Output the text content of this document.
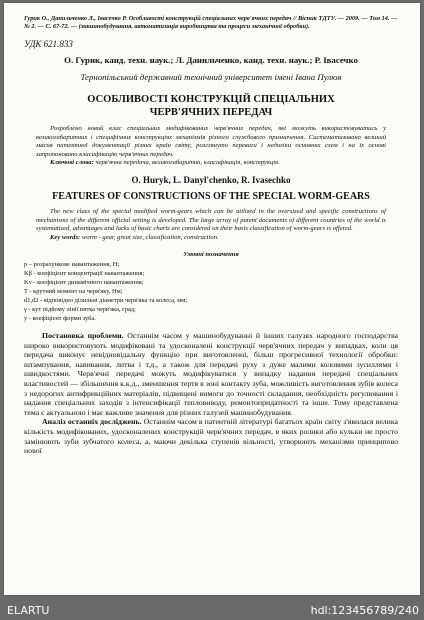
Гурик О., Данильченко Л., Івасечко Р. Особливості конструкцій спеціальних черв'ячних передач // Вісник ТДТУ. — 2009. — Том 14. — № 2. — С. 67-72. — (машинобудування, автоматизація виробництва та процеси механічної обробки).
УДК 621.833
О. Гурик, канд. техн. наук.; Л. Данильченко, канд. техн. наук.; Р. Івасечко
Тернопільський державний технічний університет імені Івана Пулюя
ОСОБЛИВОСТІ КОНСТРУКЦІЙ СПЕЦІАЛЬНИХ ЧЕРВ'ЯЧНИХ ПЕРЕДАЧ
Розроблено новий клас спеціальних модифікованих черв'ячних передач, які можуть використовуватись у великогабаритних і специфічних конструкціях механізмів різного службового призначення. Систематизовано великий масив патентної документації різних країн світу, розглянуто переваги і недоліки основних схем і на їх основі запропоновано класифікацію черв'ячних передач.
Ключові слова: черв'ячна передача, великогабаритна, класифікація, конструкція.
O. Huryk, L. Danyl'chenko, R. Ivasechko
FEATURES OF CONSTRUCTIONS OF THE SPECIAL WORM-GEARS
The new class of the special modified worm-gears which can be utilized in the oversized and specific constructions of mechanisms of the different official setting is developed. The large array of patent documents of different countries of the world is systematized, advantages and lacks of basic charts are considered on their basis classification of worm-gears is offered.
Key words: worm - gear, great size, classification, construction.
Умовні позначення
p – розрахункове навантаження, Н;
Kβ - коефіцієнт концентрації навантаження;
Kv - коефіцієнт динамічного навантаження;
T - крутний момент на черв'яку, Нм;
d1,d2 - відповідно ділильні діаметри черв'яка та колеса, мм;
γ - кут підйому лінії витка черв'яка, град;
y - коефіцієнт форми зуба.
Постановка проблеми. Останнім часом у машинобудуванні й інших галузях народного господарства широко використовують модифіковані та удосконалені конструкції черв'ячних передач у випадках, коли ця передача виконує невідновідальну функцію при виготовленні, більш прогресивної технології обробки: штампування, навивання, литва і т.д., а також для передачі руху з дуже малими коловими зусиллями і швидкостями. Черв'ячні передачі можуть модифікуватися у випадку надання передачі спеціальних властивостей — збільшення к.к.д., зменшення тертя в зоні контакту зуба, можливість виготовлення зубів колеса з недорогих антифрикційних матеріалів, підвищені вимоги до точності складання, необхідність регулювання і надання спеціальних заходів з інтенсифікації тепловиводу, ремонтопридатності та інше. Тому представлена тема є актуальною і має важливе значення для різних галузей машинобудування.
Аналіз останніх досліджень. Останнім часом в патентній літературі багатьох країн світу з'явилася велика кількість модифікованих, удосконалених конструкцій черв'ячних передач, в яких ролики або кульки не просто замінюють зуби зубчатого колеса, а, маючи декілька ступенів вільності, утворюють механізми принципово нової
ELARTU	hdl:123456789/240
